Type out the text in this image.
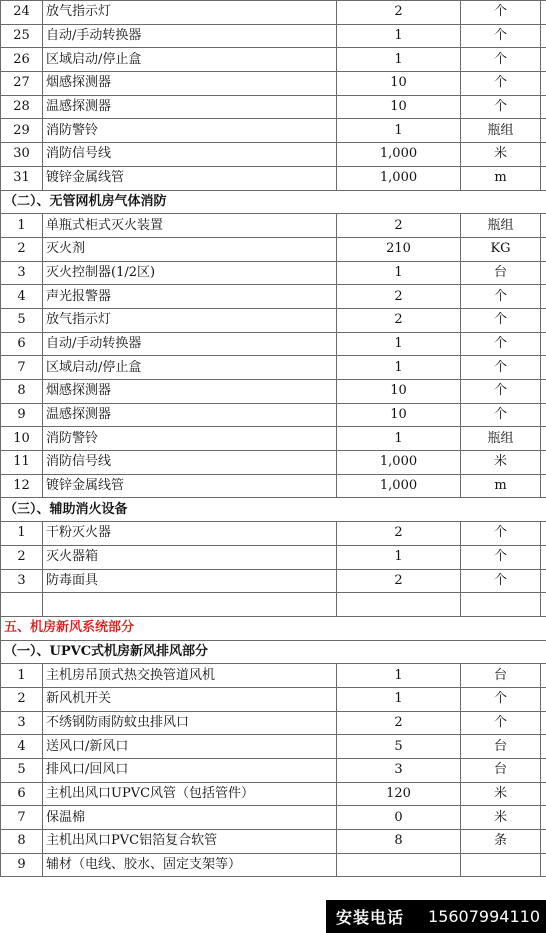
24	放气指示灯	2	个	
25	自动/手动转换器	1	个	
26	区域启动/停止盒	1	个	
27	烟感探测器	10	个	
28	温感探测器	10	个	
29	消防警铃	1	瓶组	
30	消防信号线	1,000	米	
31	镀锌金属线管	1,000	m	
（二）、无管网机房气体消防				
1	单瓶式柜式灭火装置	2	瓶组	
2	灭火剂	210	KG	
3	灭火控制器(1/2区)	1	台	
4	声光报警器	2	个	
5	放气指示灯	2	个	
6	自动/手动转换器	1	个	
7	区域启动/停止盒	1	个	
8	烟感探测器	10	个	
9	温感探测器	10	个	
10	消防警铃	1	瓶组	
11	消防信号线	1,000	米	
12	镀锌金属线管	1,000	m	
（三）、辅助消火设备				
1	干粉灭火器	2	个	
2	灭火器箱	1	个	
3	防毒面具	2	个	

五、机房新风系统部分				
（一）、UPVC式机房新风排风部分				
1	主机房吊顶式热交换管道风机	1	台	
2	新风机开关	1	个	
3	不绣钢防雨防蚊虫排风口	2	个	
4	送风口/新风口	5	台	
5	排风口/回风口	3	台	
6	主机出风口UPVC风管（包括管件）	120	米	
7	保温棉	0	米	
8	主机出风口PVC铝箔复合软管	8	条	
9	辅材（电线、胶水、固定支架等）			
安装电话 15607994110
